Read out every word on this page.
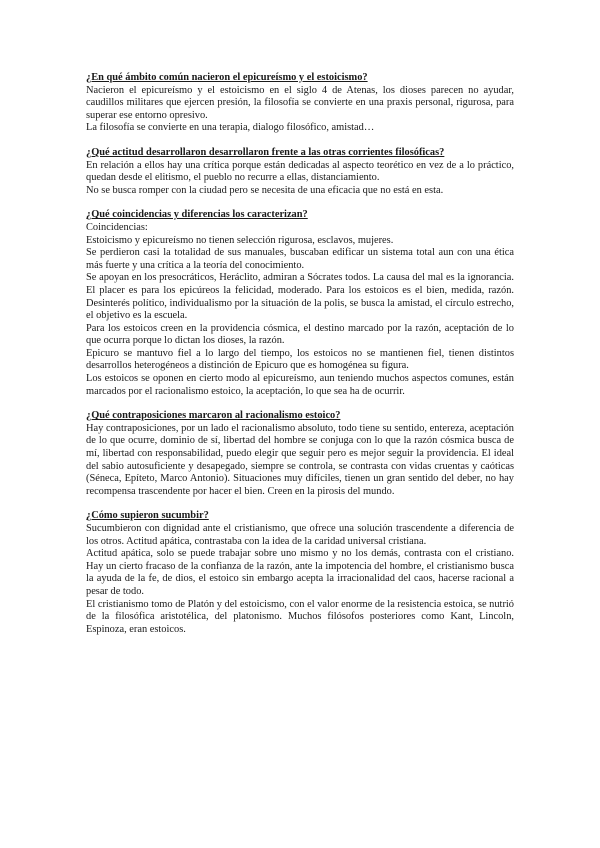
¿En qué ámbito común nacieron el epicureísmo y el estoicismo?

Nacieron el epicureísmo y el estoicismo en el siglo 4 de Atenas, los dioses parecen no ayudar, caudillos militares que ejercen presión, la filosofía se convierte en una praxis personal, rigurosa, para superar ese entorno opresivo.

La filosofía se convierte en una terapia, dialogo filosófico, amistad…

¿Qué actitud desarrollaron desarrollaron frente a las otras corrientes filosóficas?

En relación a ellos hay una crítica porque están dedicadas al aspecto teorético en vez de a lo práctico, quedan desde el elitismo, el pueblo no recurre a ellas, distanciamiento.

No se busca romper con la ciudad pero se necesita de una eficacia que no está en esta.

¿Qué coincidencias y diferencias los caracterizan?

Coincidencias:

Estoicismo y epicureísmo no tienen selección rigurosa, esclavos, mujeres.

Se perdieron casi la totalidad de sus manuales, buscaban edificar un sistema total aun con una ética más fuerte y una crítica a la teoría del conocimiento.

Se apoyan en los presocráticos, Heráclito, admiran a Sócrates todos. La causa del mal es la ignorancia. El placer es para los epicúreos la felicidad, moderado. Para los estoicos es el bien, medida, razón. Desinterés político, individualismo por la situación de la polis, se busca la amistad, el círculo estrecho, el objetivo es la escuela.

Para los estoicos creen en la providencia cósmica, el destino marcado por la razón, aceptación de lo que ocurra porque lo dictan los dioses, la razón.

Epicuro se mantuvo fiel a lo largo del tiempo, los estoicos no se mantienen fiel, tienen distintos desarrollos heterogéneos a distinción de Epicuro que es homogénea su figura.

Los estoicos se oponen en cierto modo al epicureísmo, aun teniendo muchos aspectos comunes, están marcados por el racionalismo estoico, la aceptación, lo que sea ha de ocurrir.

¿Qué contraposiciones marcaron al racionalismo estoico?

Hay contraposiciones, por un lado el racionalismo absoluto, todo tiene su sentido, entereza, aceptación de lo que ocurre, dominio de sí, libertad del hombre se conjuga con lo que la razón cósmica busca de mí, libertad con responsabilidad, puedo elegir que seguir pero es mejor seguir la providencia. El ideal del sabio autosuficiente y desapegado, siempre se controla, se contrasta con vidas cruentas y caóticas (Séneca, Epíteto, Marco Antonio). Situaciones muy difíciles, tienen un gran sentido del deber, no hay recompensa trascendente por hacer el bien. Creen en la pirosis del mundo.

¿Cómo supieron sucumbir?

Sucumbieron con dignidad ante el cristianismo, que ofrece una solución trascendente a diferencia de los otros. Actitud apática, contrastaba con la idea de la caridad universal cristiana.

Actitud apática, solo se puede trabajar sobre uno mismo y no los demás, contrasta con el cristiano. Hay un cierto fracaso de la confianza de la razón, ante la impotencia del hombre, el cristianismo busca la ayuda de la fe, de dios, el estoico sin embargo acepta la irracionalidad del caos, hacerse racional a pesar de todo.

El cristianismo tomo de Platón y del estoicismo, con el valor enorme de la resistencia estoica, se nutrió de la filosófica aristotélica, del platonismo. Muchos filósofos posteriores como Kant, Lincoln, Espinoza, eran estoicos.
